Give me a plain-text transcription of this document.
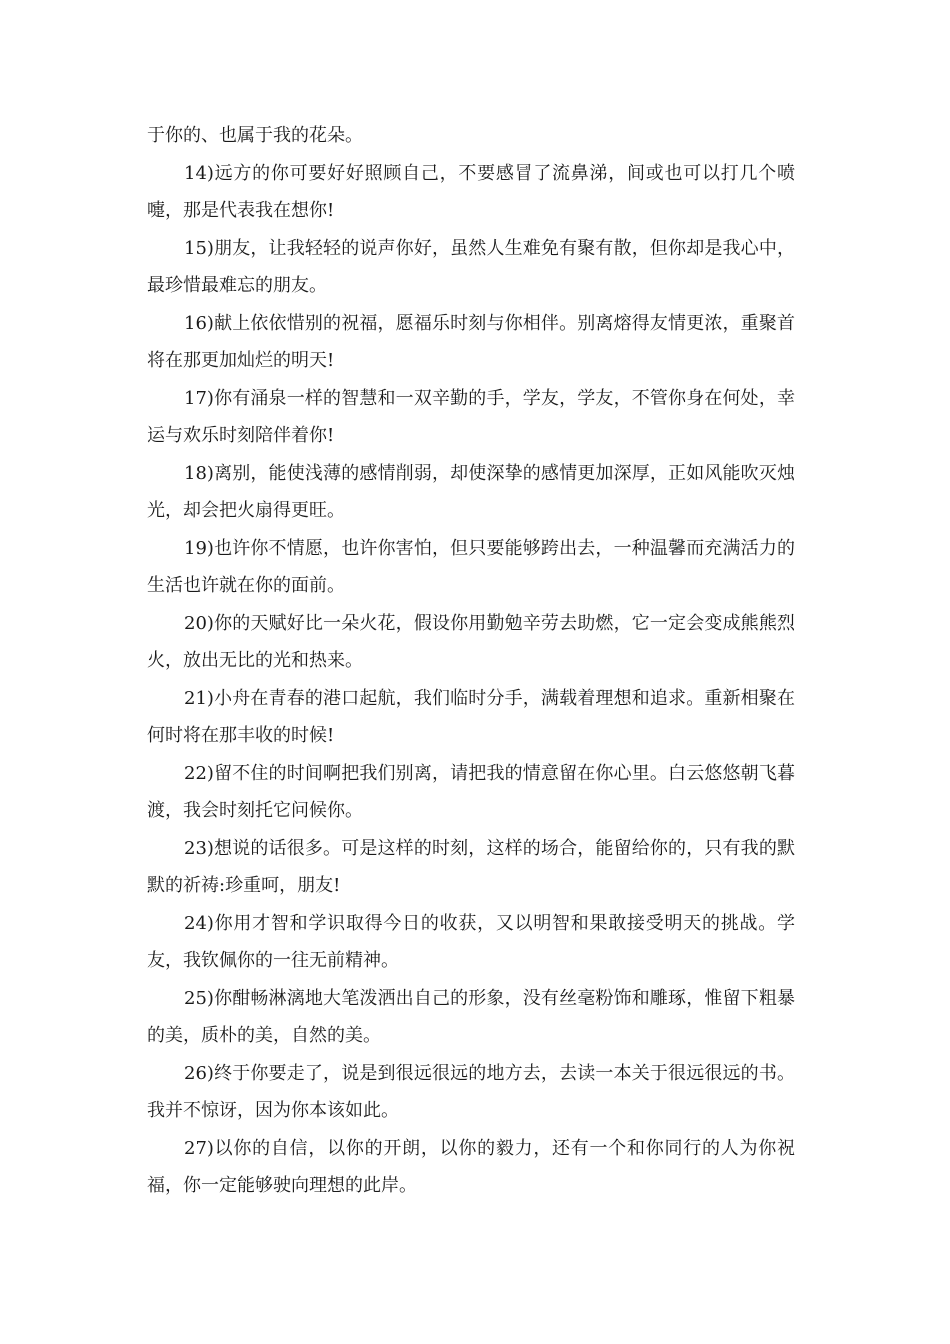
于你的、也属于我的花朵。

14)远方的你可要好好照顾自己，不要感冒了流鼻涕，间或也可以打几个喷嚏，那是代表我在想你!

15)朋友，让我轻轻的说声你好，虽然人生难免有聚有散，但你却是我心中，最珍惜最难忘的朋友。

16)献上依依惜别的祝福，愿福乐时刻与你相伴。别离熔得友情更浓，重聚首将在那更加灿烂的明天!

17)你有涌泉一样的智慧和一双辛勤的手，学友，学友，不管你身在何处，幸运与欢乐时刻陪伴着你!

18)离别，能使浅薄的感情削弱，却使深挚的感情更加深厚，正如风能吹灭烛光，却会把火扇得更旺。

19)也许你不情愿，也许你害怕，但只要能够跨出去，一种温馨而充满活力的生活也许就在你的面前。

20)你的天赋好比一朵火花，假设你用勤勉辛劳去助燃，它一定会变成熊熊烈火，放出无比的光和热来。

21)小舟在青春的港口起航，我们临时分手，满载着理想和追求。重新相聚在何时将在那丰收的时候!

22)留不住的时间啊把我们别离，请把我的情意留在你心里。白云悠悠朝飞暮渡，我会时刻托它问候你。

23)想说的话很多。可是这样的时刻，这样的场合，能留给你的，只有我的默默的祈祷:珍重呵，朋友!

24)你用才智和学识取得今日的收获，又以明智和果敢接受明天的挑战。学友，我钦佩你的一往无前精神。

25)你酣畅淋漓地大笔泼洒出自己的形象，没有丝毫粉饰和雕琢，惟留下粗暴的美，质朴的美，自然的美。

26)终于你要走了，说是到很远很远的地方去，去读一本关于很远很远的书。我并不惊讶，因为你本该如此。

27)以你的自信，以你的开朗，以你的毅力，还有一个和你同行的人为你祝福，你一定能够驶向理想的此岸。
